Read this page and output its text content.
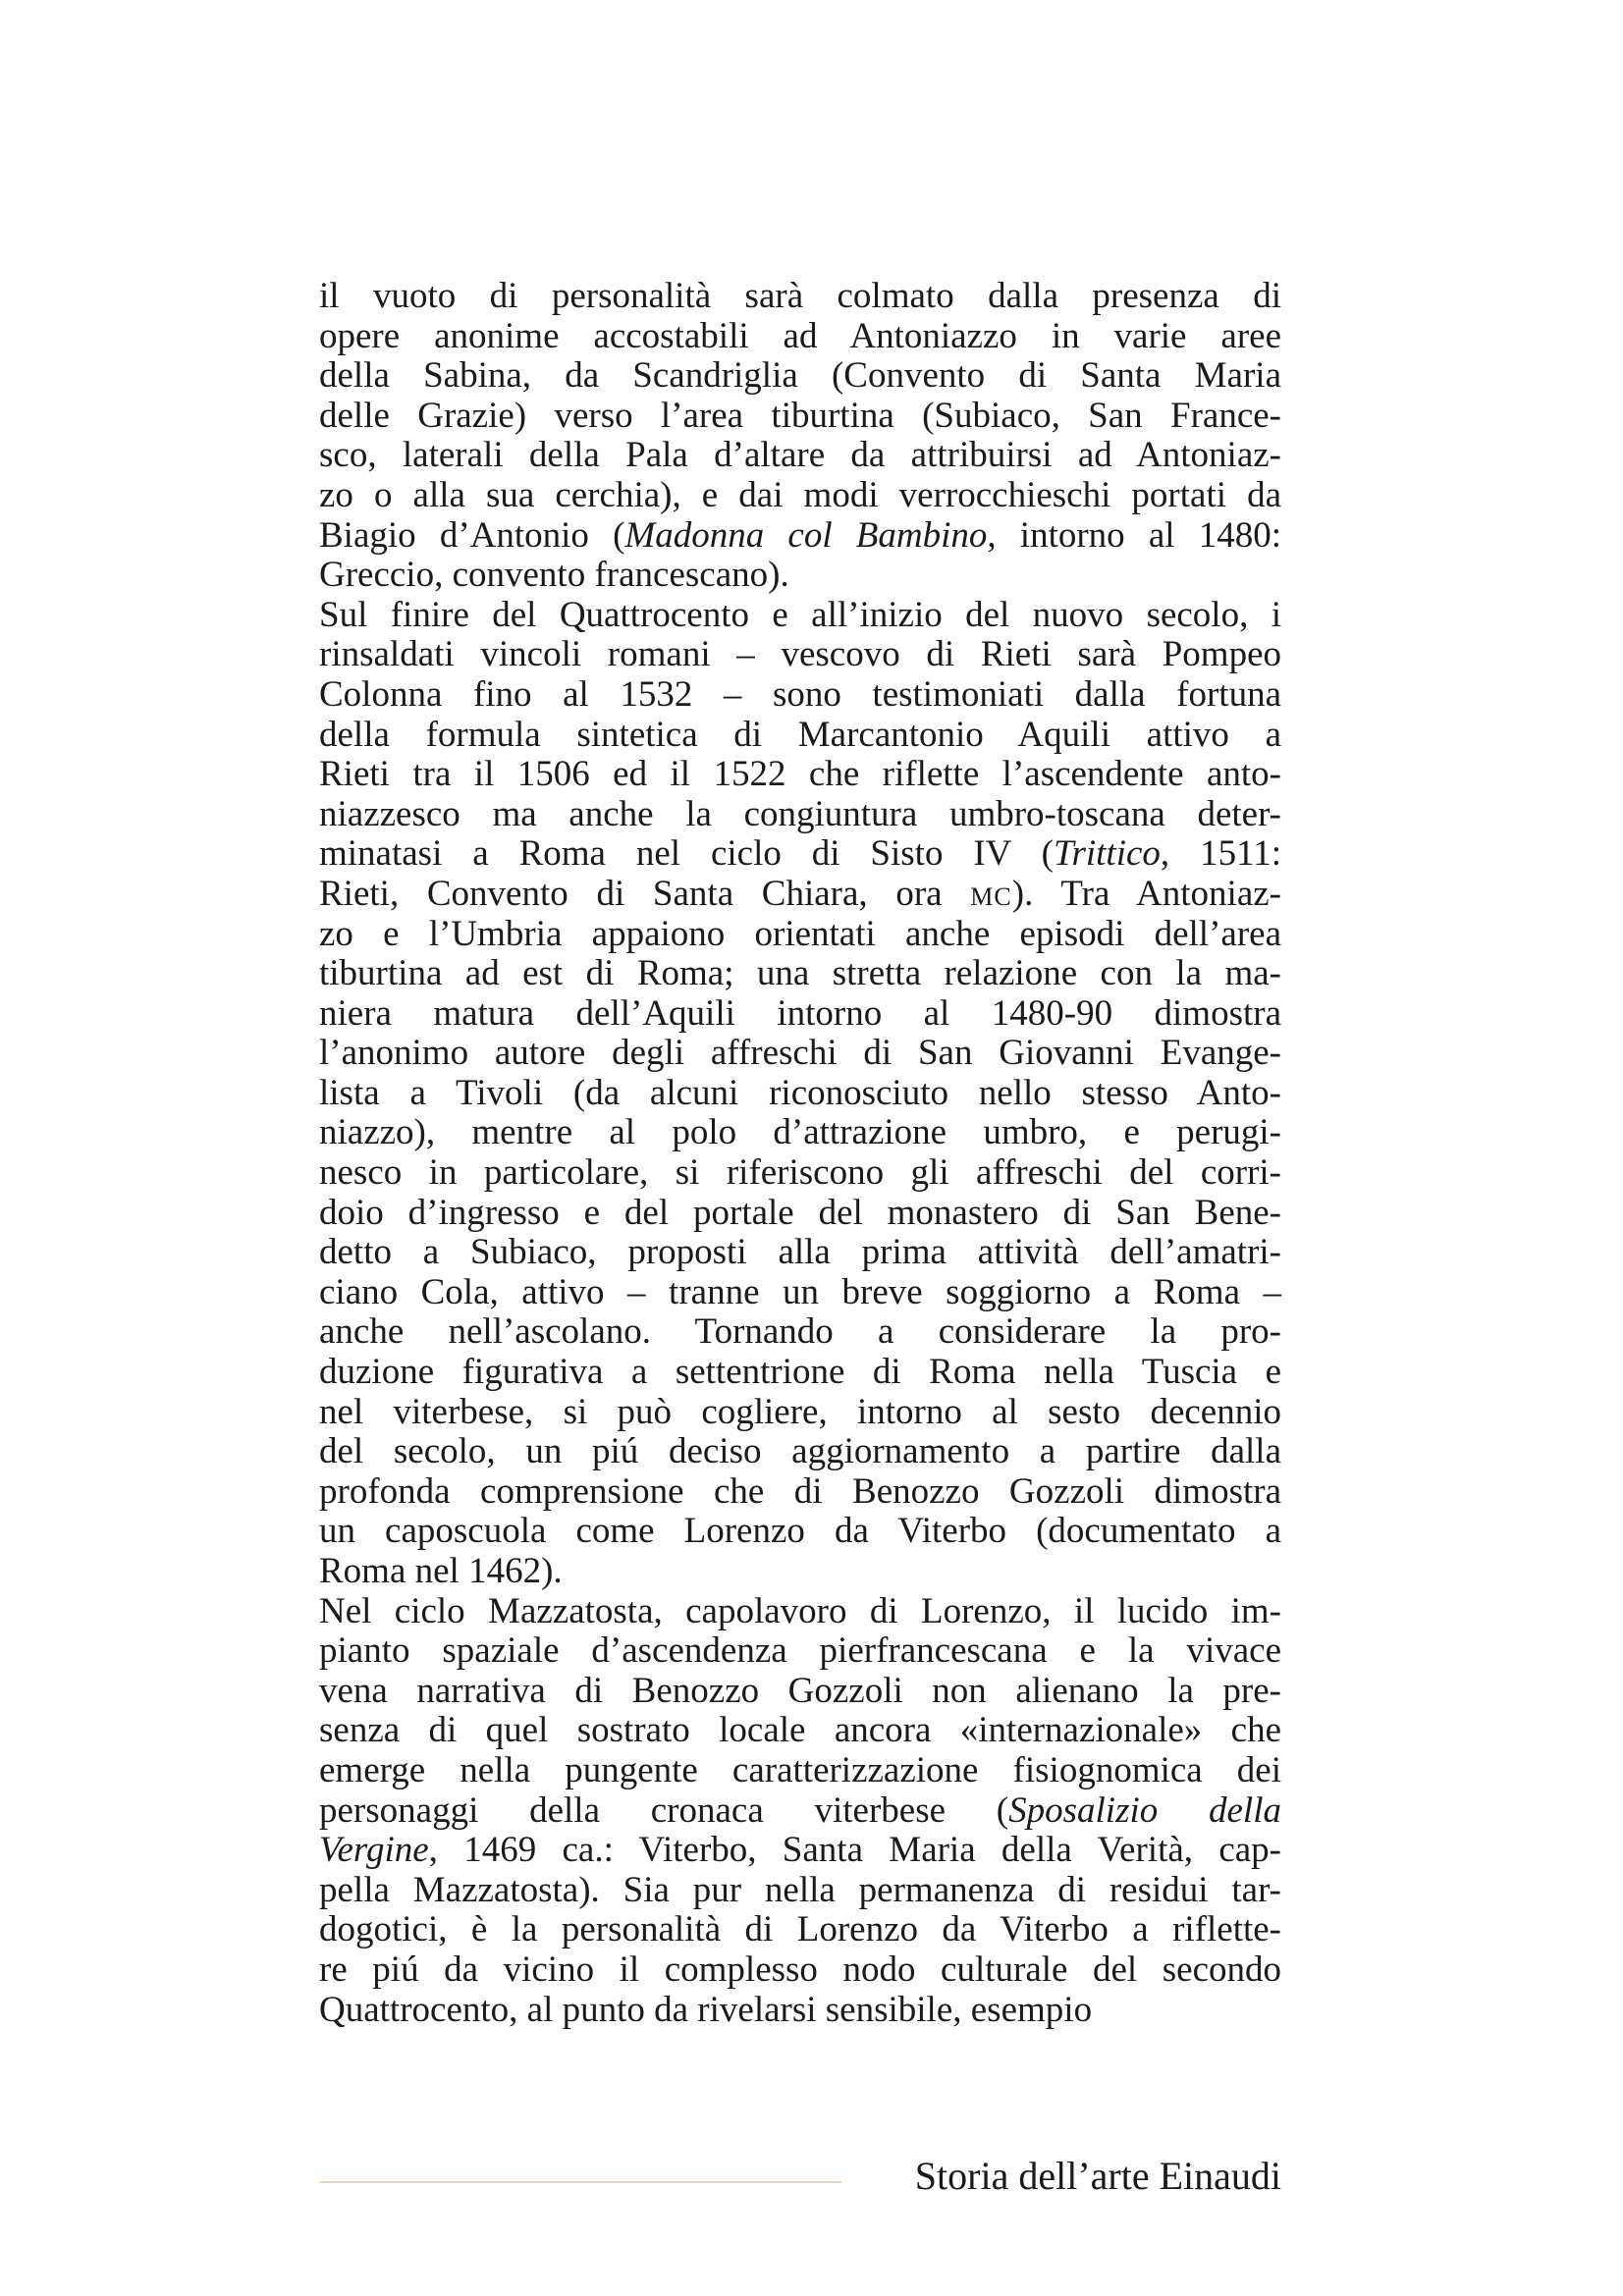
il vuoto di personalità sarà colmato dalla presenza di
opere anonime accostabili ad Antoniazzo in varie aree
della Sabina, da Scandriglia (Convento di Santa Maria
delle Grazie) verso l’area tiburtina (Subiaco, San France-
sco, laterali della Pala d’altare da attribuirsi ad Antoniaz-
zo o alla sua cerchia), e dai modi verrocchieschi portati da
Biagio d’Antonio (Madonna col Bambino, intorno al 1480:
Greccio, convento francescano).
Sul finire del Quattrocento e all’inizio del nuovo secolo, i
rinsaldati vincoli romani – vescovo di Rieti sarà Pompeo
Colonna fino al 1532 – sono testimoniati dalla fortuna
della formula sintetica di Marcantonio Aquili attivo a
Rieti tra il 1506 ed il 1522 che riflette l’ascendente anto-
niazzesco ma anche la congiuntura umbro-toscana deter-
minatasi a Roma nel ciclo di Sisto IV (Trittico, 1511:
Rieti, Convento di Santa Chiara, ora mc). Tra Antoniaz-
zo e l’Umbria appaiono orientati anche episodi dell’area
tiburtina ad est di Roma; una stretta relazione con la ma-
niera matura dell’Aquili intorno al 1480-90 dimostra
l’anonimo autore degli affreschi di San Giovanni Evange-
lista a Tivoli (da alcuni riconosciuto nello stesso Anto-
niazzo), mentre al polo d’attrazione umbro, e perugi-
nesco in particolare, si riferiscono gli affreschi del corri-
doio d’ingresso e del portale del monastero di San Bene-
detto a Subiaco, proposti alla prima attività dell’amatri-
ciano Cola, attivo – tranne un breve soggiorno a Roma –
anche nell’ascolano. Tornando a considerare la pro-
duzione figurativa a settentrione di Roma nella Tuscia e
nel viterbese, si può cogliere, intorno al sesto decennio
del secolo, un piú deciso aggiornamento a partire dalla
profonda comprensione che di Benozzo Gozzoli dimostra
un caposcuola come Lorenzo da Viterbo (documentato a
Roma nel 1462).
Nel ciclo Mazzatosta, capolavoro di Lorenzo, il lucido im-
pianto spaziale d’ascendenza pierfrancescana e la vivace
vena narrativa di Benozzo Gozzoli non alienano la pre-
senza di quel sostrato locale ancora «internazionale» che
emerge nella pungente caratterizzazione fisiognomica dei
personaggi della cronaca viterbese (Sposalizio della
Vergine, 1469 ca.: Viterbo, Santa Maria della Verità, cap-
pella Mazzatosta). Sia pur nella permanenza di residui tar-
dogotici, è la personalità di Lorenzo da Viterbo a riflette-
re piú da vicino il complesso nodo culturale del secondo
Quattrocento, al punto da rivelarsi sensibile, esempio
Storia dell’arte Einaudi
